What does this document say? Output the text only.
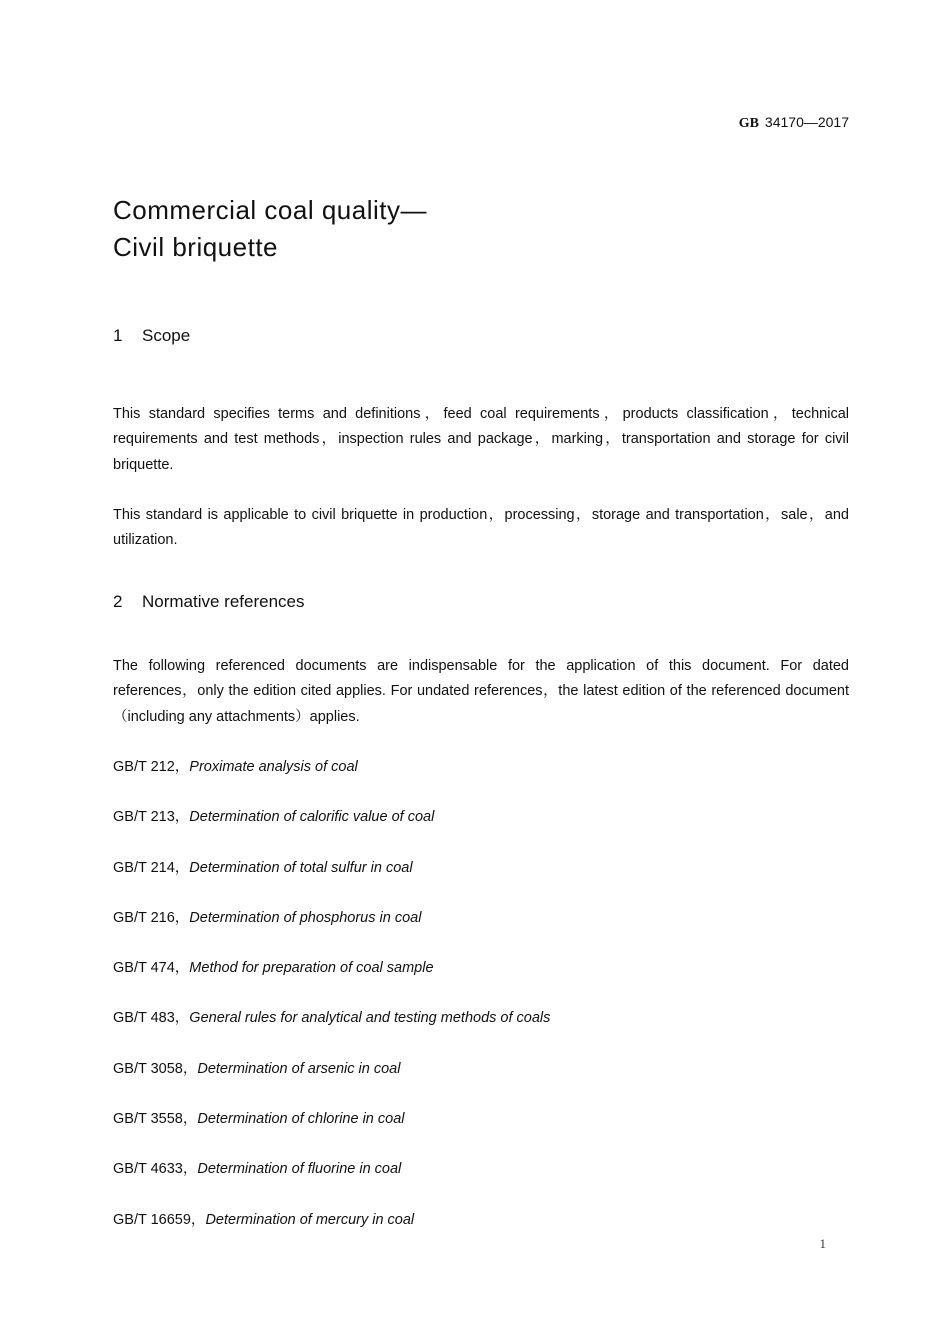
GB 34170—2017
Commercial coal quality—
Civil briquette
1 Scope

This standard specifies terms and definitions，feed coal requirements，products classification，technical requirements and test methods，inspection rules and package，marking，transportation and storage for civil briquette.

This standard is applicable to civil briquette in production，processing，storage and transportation，sale，and utilization.

2 Normative references

The following referenced documents are indispensable for the application of this document. For dated references，only the edition cited applies. For undated references，the latest edition of the referenced document（including any attachments）applies.

GB/T 212，Proximate analysis of coal
GB/T 213，Determination of calorific value of coal
GB/T 214，Determination of total sulfur in coal
GB/T 216，Determination of phosphorus in coal
GB/T 474，Method for preparation of coal sample
GB/T 483，General rules for analytical and testing methods of coals
GB/T 3058，Determination of arsenic in coal
GB/T 3558，Determination of chlorine in coal
GB/T 4633，Determination of fluorine in coal
GB/T 16659，Determination of mercury in coal
1
